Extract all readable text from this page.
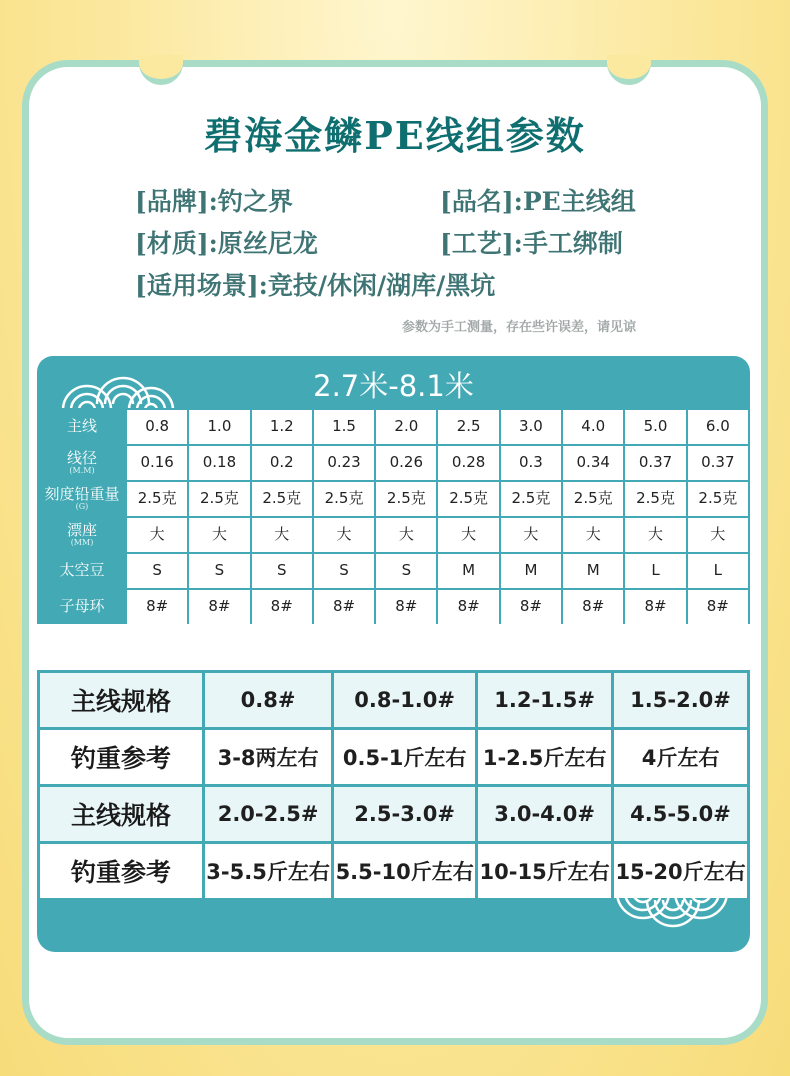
碧海金鳞PE线组参数
[品牌]:钓之界	[品名]:PE主线组
[材质]:原丝尼龙	[工艺]:手工绑制
[适用场景]:竞技/休闲/湖库/黑坑
参数为手工测量，存在些许误差，请见谅
2.7米-8.1米
主线	0.8	1.0	1.2	1.5	2.0	2.5	3.0	4.0	5.0	6.0
线径
(M.M)	0.16	0.18	0.2	0.23	0.26	0.28	0.3	0.34	0.37	0.37
刻度铅重量
(G)	2.5克	2.5克	2.5克	2.5克	2.5克	2.5克	2.5克	2.5克	2.5克	2.5克
漂座
(MM)	大	大	大	大	大	大	大	大	大	大
太空豆	S	S	S	S	S	M	M	M	L	L
子母环	8#	8#	8#	8#	8#	8#	8#	8#	8#	8#
主线规格	0.8#	0.8-1.0#	1.2-1.5#	1.5-2.0#
钓重参考	3-8两左右	0.5-1斤左右	1-2.5斤左右	4斤左右
主线规格	2.0-2.5#	2.5-3.0#	3.0-4.0#	4.5-5.0#
钓重参考	3-5.5斤左右	5.5-10斤左右	10-15斤左右	15-20斤左右
